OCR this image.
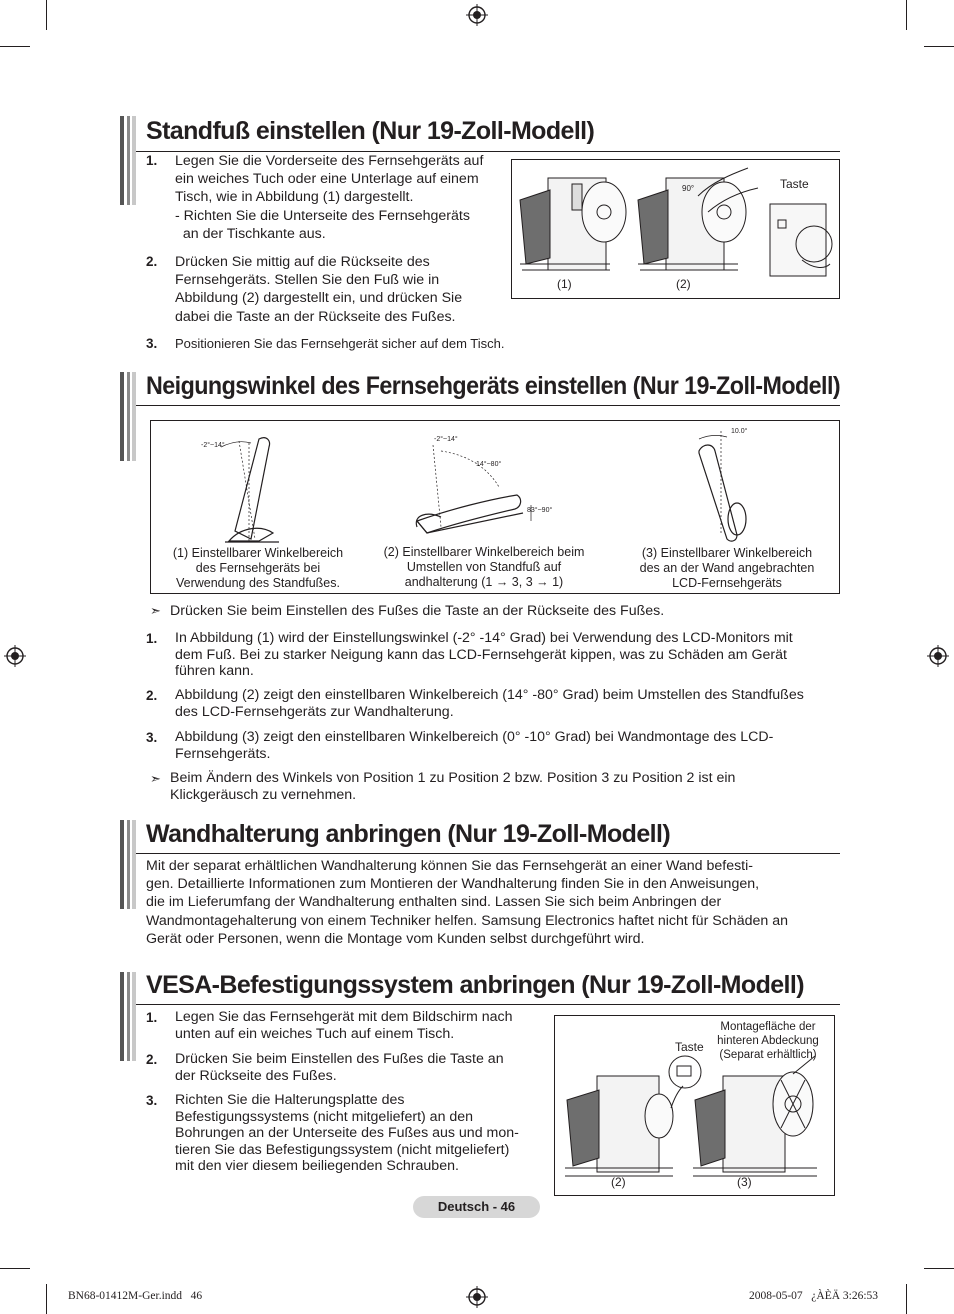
Standfuß einstellen (Nur 19-Zoll-Modell)
1. Legen Sie die Vorderseite des Fernsehgeräts auf
ein weiches Tuch oder eine Unterlage auf einem
Tisch, wie in Abbildung (1) dargestellt.
- Richten Sie die Unterseite des Fernsehgeräts
an der Tischkante aus.
2. Drücken Sie mittig auf die Rückseite des
Fernsehgeräts. Stellen Sie den Fuß wie in
Abbildung (2) dargestellt ein, und drücken Sie
dabei die Taste an der Rückseite des Fußes.
3. Positionieren Sie das Fernsehgerät sicher auf dem Tisch.
90°	Taste
(1)	(2)
Neigungswinkel des Fernsehgeräts einstellen (Nur 19-Zoll-Modell)
-2°~14°
-2°~14°
14°~80°
83°~90°
10.0°
(1) Einstellbarer Winkelbereich
des Fernsehgeräts bei
Verwendung des Standfußes.
(2) Einstellbarer Winkelbereich beim
Umstellen von Standfuß auf
andhalterung (1 → 3, 3 → 1)
(3) Einstellbarer Winkelbereich
des an der Wand angebrachten
LCD-Fernsehgeräts
➣ Drücken Sie beim Einstellen des Fußes die Taste an der Rückseite des Fußes.
1. In Abbildung (1) wird der Einstellungswinkel (-2° -14° Grad) bei Verwendung des LCD-Monitors mit
dem Fuß. Bei zu starker Neigung kann das LCD-Fernsehgerät kippen, was zu Schäden am Gerät
führen kann.
2. Abbildung (2) zeigt den einstellbaren Winkelbereich (14° -80° Grad) beim Umstellen des Standfußes
des LCD-Fernsehgeräts zur Wandhalterung.
3. Abbildung (3) zeigt den einstellbaren Winkelbereich (0° -10° Grad) bei Wandmontage des LCD-
Fernsehgeräts.
➣ Beim Ändern des Winkels von Position 1 zu Position 2 bzw. Position 3 zu Position 2 ist ein
Klickgeräusch zu vernehmen.
Wandhalterung anbringen (Nur 19-Zoll-Modell)
Mit der separat erhältlichen Wandhalterung können Sie das Fernsehgerät an einer Wand befesti-
gen. Detaillierte Informationen zum Montieren der Wandhalterung finden Sie in den Anweisungen,
die im Lieferumfang der Wandhalterung enthalten sind. Lassen Sie sich beim Anbringen der
Wandmontagehalterung von einem Techniker helfen. Samsung Electronics haftet nicht für Schäden an
Gerät oder Personen, wenn die Montage vom Kunden selbst durchgeführt wird.
VESA-Befestigungssystem anbringen (Nur 19-Zoll-Modell)
1. Legen Sie das Fernsehgerät mit dem Bildschirm nach
unten auf ein weiches Tuch auf einem Tisch.
2. Drücken Sie beim Einstellen des Fußes die Taste an
der Rückseite des Fußes.
3. Richten Sie die Halterungsplatte des
Befestigungssystems (nicht mitgeliefert) an den
Bohrungen an der Unterseite des Fußes aus und mon-
tieren Sie das Befestigungssystem (nicht mitgeliefert)
mit den vier diesem beiliegenden Schrauben.
Taste
Montagefläche der
hinteren Abdeckung
(Separat erhältlich)
(2)	(3)
Deutsch - 46
BN68-01412M-Ger.indd   46	2008-05-07   ¿ÀÈÄ 3:26:53
